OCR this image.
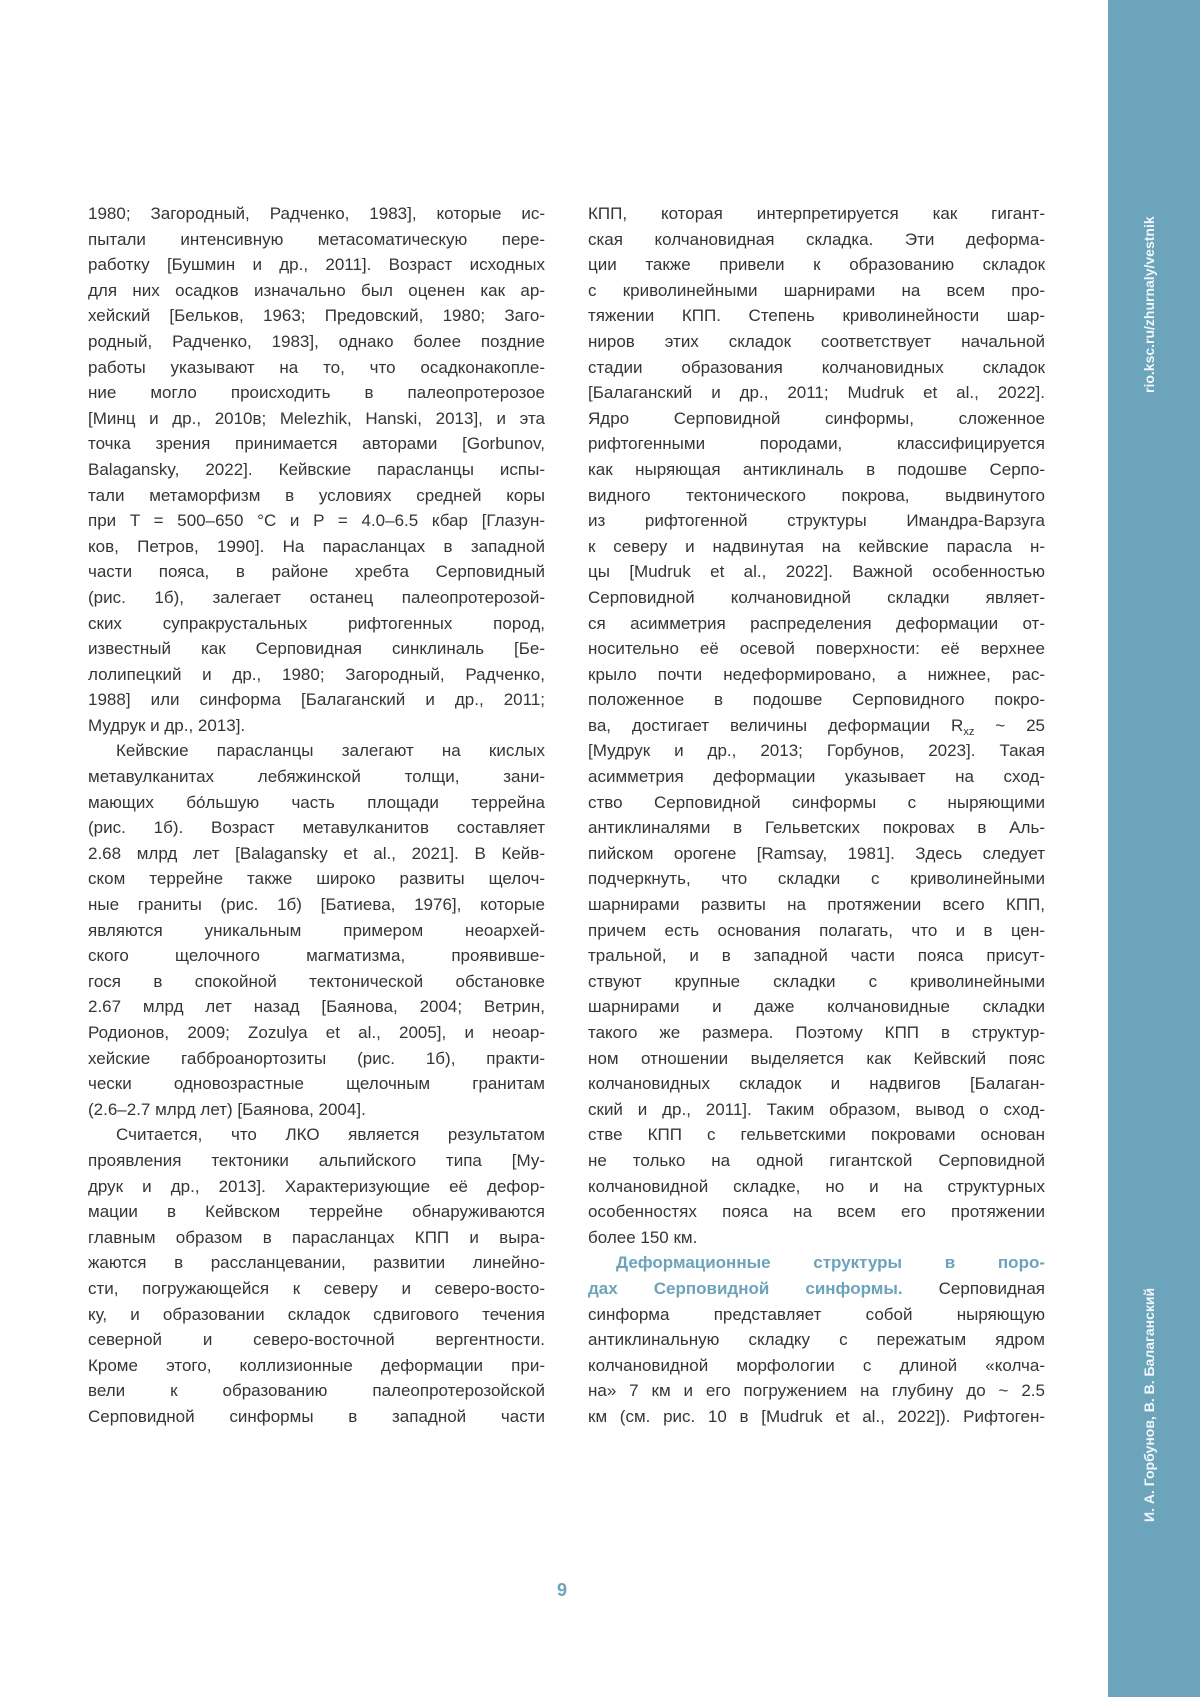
1980; Загородный, Радченко, 1983], которые ис-
пытали интенсивную метасоматическую пере-
работку [Бушмин и др., 2011]. Возраст исходных
для них осадков изначально был оценен как ар-
хейский [Бельков, 1963; Предовский, 1980; Заго-
родный, Радченко, 1983], однако более поздние
работы указывают на то, что осадконакопле-
ние могло происходить в палеопротерозое
[Минц и др., 2010в; Melezhik, Hanski, 2013], и эта
точка зрения принимается авторами [Gorbunov,
Balagansky, 2022]. Кейвские парасланцы испы-
тали метаморфизм в условиях средней коры
при T = 500–650 °C и P = 4.0–6.5 кбар [Глазун-
ков, Петров, 1990]. На парасланцах в западной
части пояса, в районе хребта Серповидный
(рис. 1б), залегает останец палеопротерозой-
ских супракрустальных рифтогенных пород,
известный как Серповидная синклиналь [Бе-
лолипецкий и др., 1980; Загородный, Радченко,
1988] или синформа [Балаганский и др., 2011;
Мудрук и др., 2013].
Кейвские парасланцы залегают на кислых
метавулканитах лебяжинской толщи, зани-
мающих бо́льшую часть площади террейна
(рис. 1б). Возраст метавулканитов составляет
2.68 млрд лет [Balagansky et al., 2021]. В Кейв-
ском террейне также широко развиты щелоч-
ные граниты (рис. 1б) [Батиева, 1976], которые
являются уникальным примером неоархей-
ского щелочного магматизма, проявивше-
гося в спокойной тектонической обстановке
2.67 млрд лет назад [Баянова, 2004; Ветрин,
Родионов, 2009; Zozulya et al., 2005], и неоар-
хейские габброанортозиты (рис. 1б), практи-
чески одновозрастные щелочным гранитам
(2.6–2.7 млрд лет) [Баянова, 2004].
Считается, что ЛКО является результатом
проявления тектоники альпийского типа [Му-
друк и др., 2013]. Характеризующие её дефор-
мации в Кейвском террейне обнаруживаются
главным образом в парасланцах КПП и выра-
жаются в рассланцевании, развитии линейно-
сти, погружающейся к северу и северо-восто-
ку, и образовании складок сдвигового течения
северной и северо-восточной вергентности.
Кроме этого, коллизионные деформации при-
вели к образованию палеопротерозойской
Серповидной синформы в западной части
КПП, которая интерпретируется как гигант-
ская колчановидная складка. Эти деформа-
ции также привели к образованию складок
с криволинейными шарнирами на всем про-
тяжении КПП. Степень криволинейности шар-
ниров этих складок соответствует начальной
стадии образования колчановидных складок
[Балаганский и др., 2011; Mudruk et al., 2022].
Ядро Серповидной синформы, сложенное
рифтогенными породами, классифицируется
как ныряющая антиклиналь в подошве Серпо-
видного тектонического покрова, выдвинутого
из рифтогенной структуры Имандра-Варзуга
к северу и надвинутая на кейвские парасла н-
цы [Mudruk et al., 2022]. Важной особенностью
Серповидной колчановидной складки являет-
ся асимметрия распределения деформации от-
носительно её осевой поверхности: её верхнее
крыло почти недеформировано, а нижнее, рас-
положенное в подошве Серповидного покро-
ва, достигает величины деформации Rxz ~ 25
[Мудрук и др., 2013; Горбунов, 2023]. Такая
асимметрия деформации указывает на сход-
ство Серповидной синформы с ныряющими
антиклиналями в Гельветских покровах в Аль-
пийском орогене [Ramsay, 1981]. Здесь следует
подчеркнуть, что складки с криволинейными
шарнирами развиты на протяжении всего КПП,
причем есть основания полагать, что и в цен-
тральной, и в западной части пояса присут-
ствуют крупные складки с криволинейными
шарнирами и даже колчановидные складки
такого же размера. Поэтому КПП в структур-
ном отношении выделяется как Кейвский пояс
колчановидных складок и надвигов [Балаган-
ский и др., 2011]. Таким образом, вывод о сход-
стве КПП с гельветскими покровами основан
не только на одной гигантской Серповидной
колчановидной складке, но и на структурных
особенностях пояса на всем его протяжении
более 150 км.
Деформационные структуры в поро-
дах Серповидной синформы. Серповидная
синформа представляет собой ныряющую
антиклинальную складку с пережатым ядром
колчановидной морфологии с длиной «колча-
на» 7 км и его погружением на глубину до ~ 2.5
км (см. рис. 10 в [Mudruk et al., 2022]). Рифтоген-
rio.ksc.ru/zhurnaly/vestnik
И. А. Горбунов, В. В. Балаганский
9
